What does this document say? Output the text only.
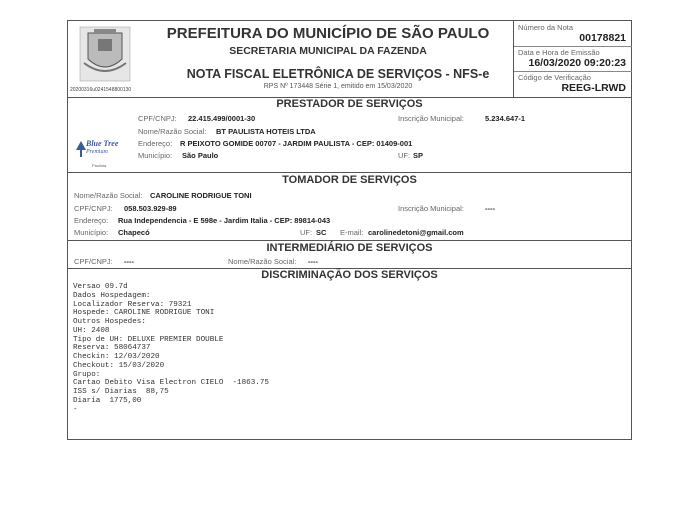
20200316u0241548800130
PREFEITURA DO MUNICÍPIO DE SÃO PAULO
SECRETARIA MUNICIPAL DA FAZENDA
NOTA FISCAL ELETRÔNICA DE SERVIÇOS - NFS-e
RPS Nº 173448 Série 1, emitido em 15/03/2020
Número da Nota
00178821
Data e Hora de Emissão
16/03/2020 09:20:23
Código de Verificação
REEG-LRWD
PRESTADOR DE SERVIÇOS
Blue Tree
Premium
Paulista
CPF/CNPJ: 22.415.499/0001-30	Inscrição Municipal:	5.234.647-1
Nome/Razão Social: BT PAULISTA HOTEIS LTDA
Endereço: R PEIXOTO GOMIDE 00707 - JARDIM PAULISTA - CEP: 01409-001
Município: São Paulo	UF: SP
TOMADOR DE SERVIÇOS
Nome/Razão Social: CAROLINE RODRIGUE TONI
CPF/CNPJ: 058.503.929-89	Inscrição Municipal:	----
Endereço: Rua Independencia - E 598e - Jardim Italia - CEP: 89814-043
Município: Chapecó	UF: SC E-mail: carolinedetoni@gmail.com
INTERMEDIÁRIO DE SERVIÇOS
CPF/CNPJ: ----	Nome/Razão Social: ----
DISCRIMINAÇÃO DOS SERVIÇOS
Versao 09.7d
Dados Hospedagem:
Localizador Reserva: 79321
Hospede: CAROLINE RODRIGUE TONI
Outros Hospedes:
UH: 2408
Tipo de UH: DELUXE PREMIER DOUBLE
Reserva: 58064737
Checkin: 12/03/2020
Checkout: 15/03/2020
Grupo:
Cartao Debito Visa Electron CIELO  -1863.75
ISS s/ Diarias  88,75
Diaria  1775,00
-
